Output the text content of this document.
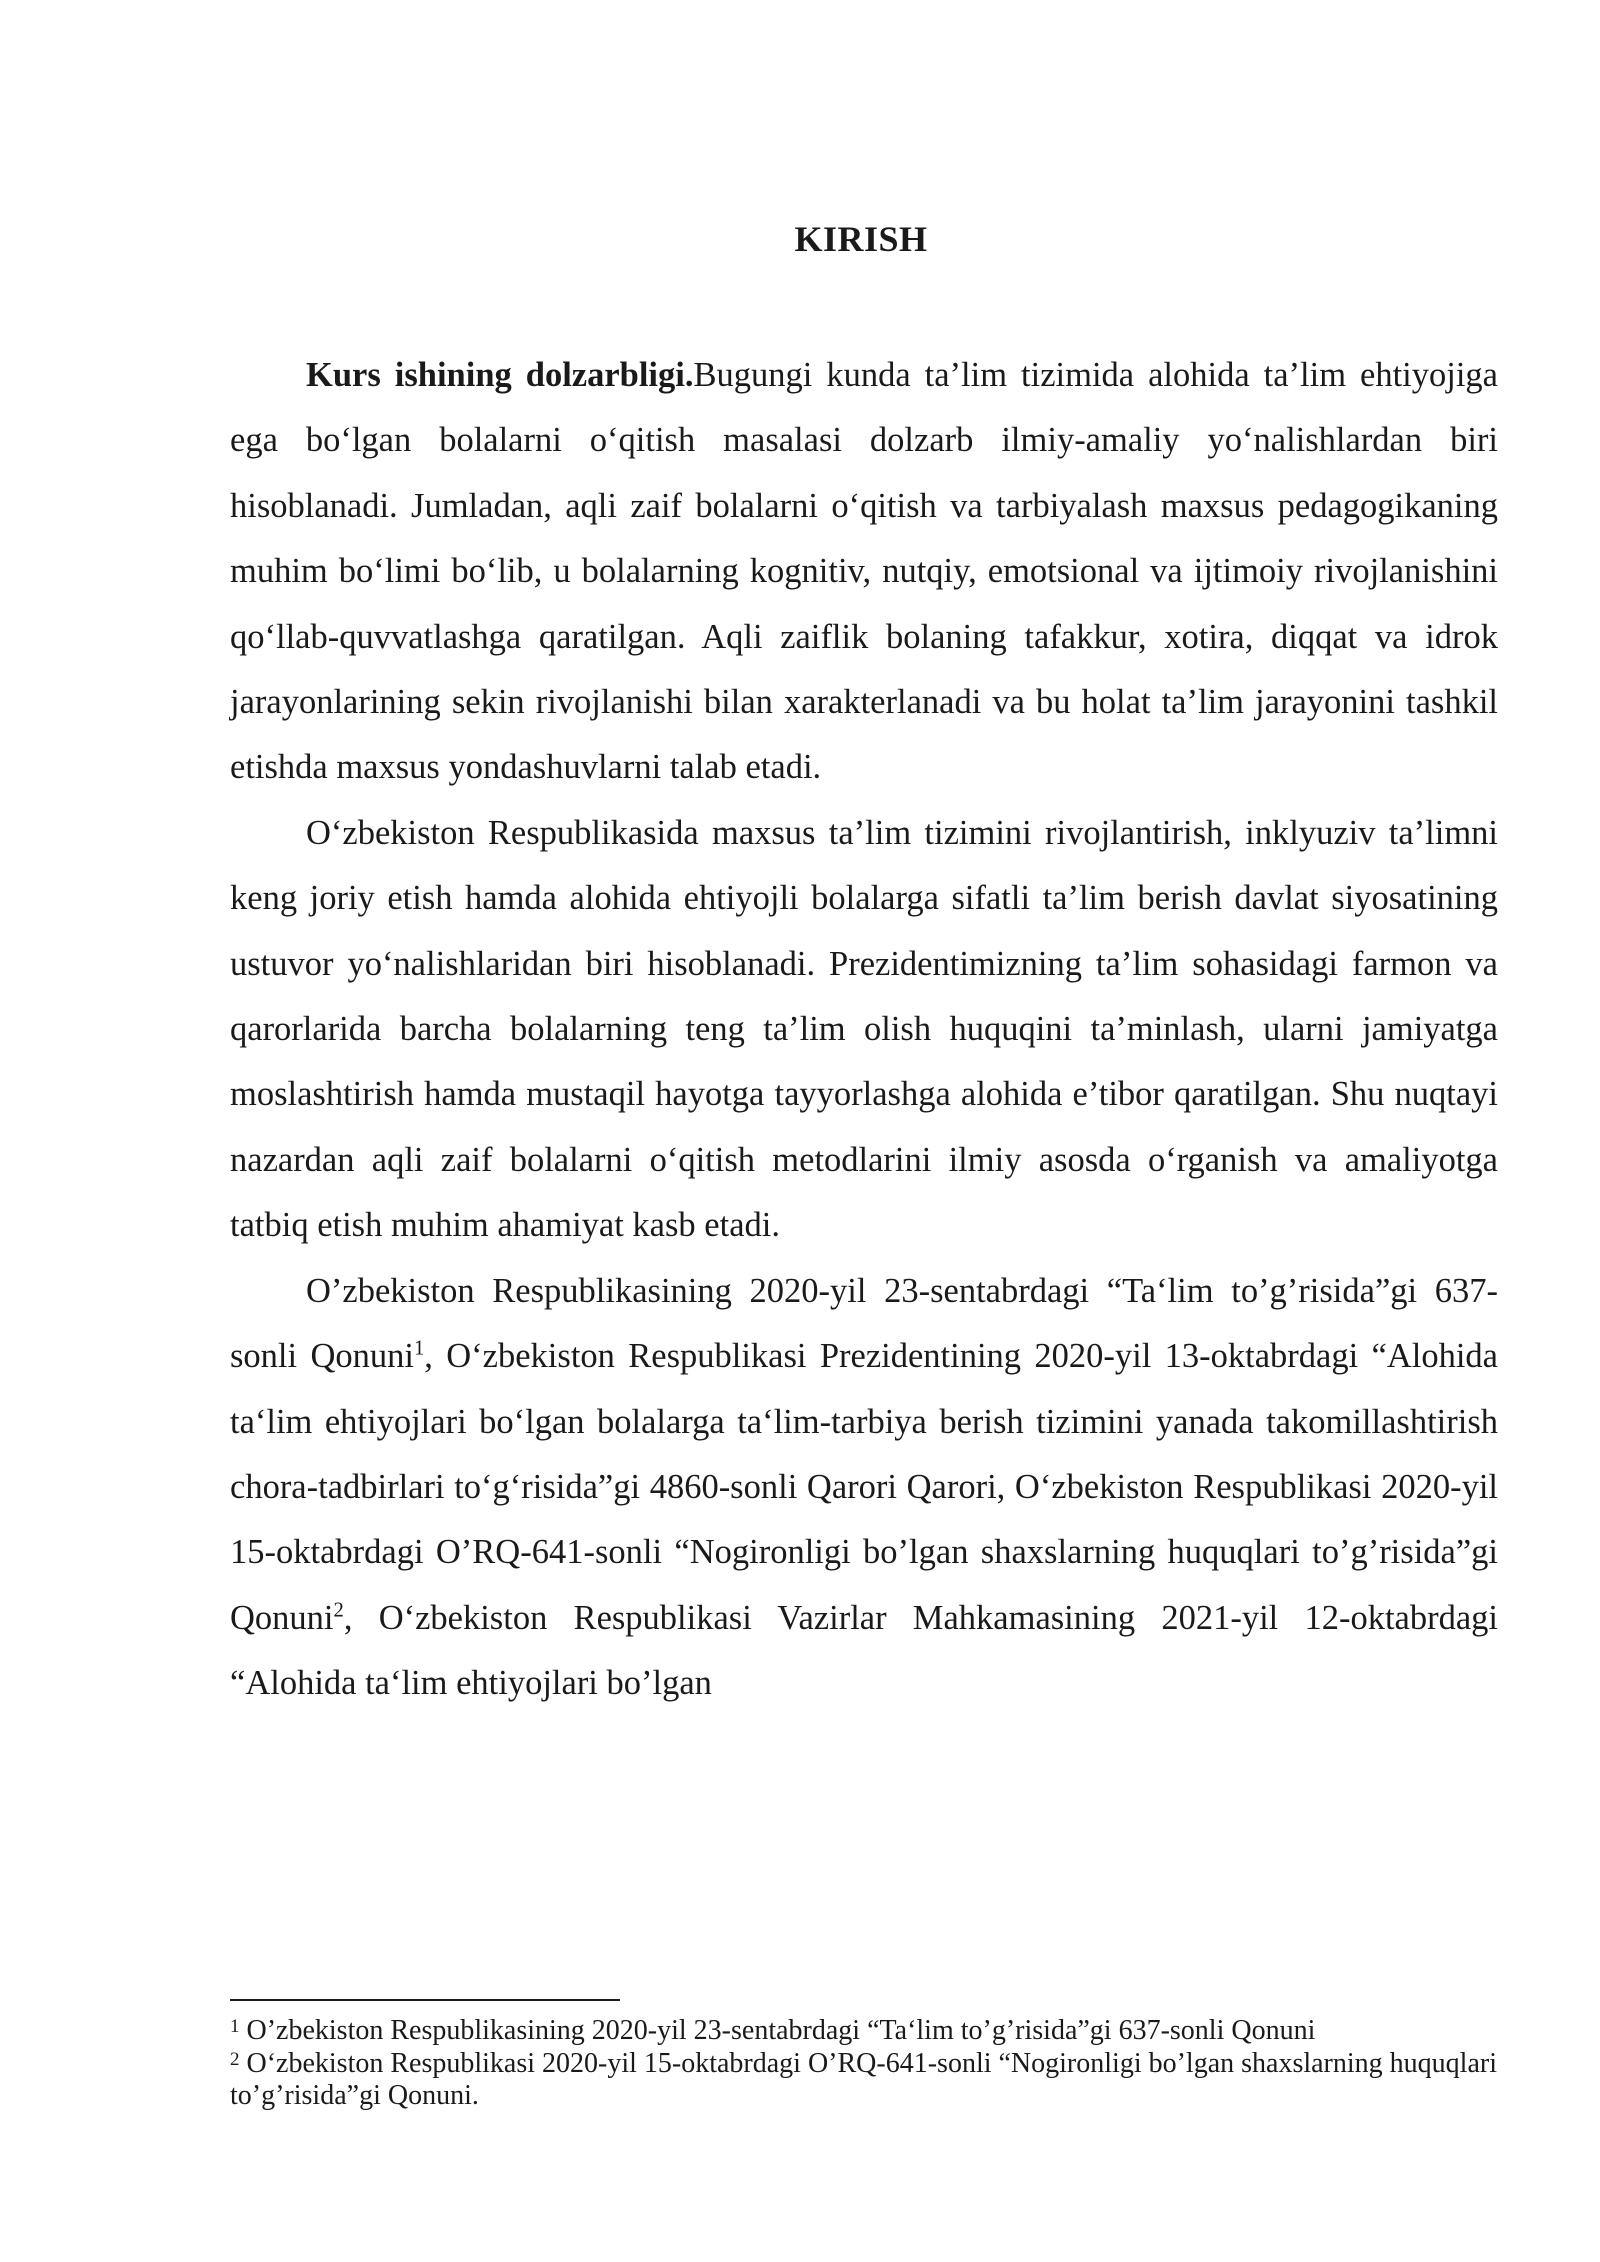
KIRISH

Kurs ishining dolzarbligi.Bugungi kunda ta’lim tizimida alohida ta’lim ehtiyojiga ega bo‘lgan bolalarni o‘qitish masalasi dolzarb ilmiy-amaliy yo‘nalishlardan biri hisoblanadi. Jumladan, aqli zaif bolalarni o‘qitish va tarbiyalash maxsus pedagogikaning muhim bo‘limi bo‘lib, u bolalarning kognitiv, nutqiy, emotsional va ijtimoiy rivojlanishini qo‘llab-quvvatlashga qaratilgan. Aqli zaiflik bolaning tafakkur, xotira, diqqat va idrok jarayonlarining sekin rivojlanishi bilan xarakterlanadi va bu holat ta’lim jarayonini tashkil etishda maxsus yondashuvlarni talab etadi.

O‘zbekiston Respublikasida maxsus ta’lim tizimini rivojlantirish, inklyuziv ta’limni keng joriy etish hamda alohida ehtiyojli bolalarga sifatli ta’lim berish davlat siyosatining ustuvor yo‘nalishlaridan biri hisoblanadi. Prezidentimizning ta’lim sohasidagi farmon va qarorlarida barcha bolalarning teng ta’lim olish huquqini ta’minlash, ularni jamiyatga moslashtirish hamda mustaqil hayotga tayyorlashga alohida e’tibor qaratilgan. Shu nuqtayi nazardan aqli zaif bolalarni o‘qitish metodlarini ilmiy asosda o‘rganish va amaliyotga tatbiq etish muhim ahamiyat kasb etadi.

O’zbekiston Respublikasining 2020-yil 23-sentabrdagi “Ta‘lim to’g’risida”gi 637-sonli Qonuni$^1$, O‘zbekiston Respublikasi Prezidentining 2020-yil 13-oktabrdagi “Alohida ta‘lim ehtiyojlari bo‘lgan bolalarga ta‘lim-tarbiya berish tizimini yanada takomillashtirish chora-tadbirlari to‘g‘risida”gi 4860-sonli Qarori Qarori, O‘zbekiston Respublikasi 2020-yil 15-oktabrdagi O’RQ-641-sonli “Nogironligi bo’lgan shaxslarning huquqlari to’g’risida”gi Qonuni$^2$, O‘zbekiston Respublikasi Vazirlar Mahkamasining 2021-yil 12-oktabrdagi “Alohida ta‘lim ehtiyojlari bo’lgan

$^1$ O’zbekiston Respublikasining 2020-yil 23-sentabrdagi “Ta‘lim to’g’risida”gi 637-sonli Qonuni

$^2$ O‘zbekiston Respublikasi 2020-yil 15-oktabrdagi O’RQ-641-sonli “Nogironligi bo’lgan shaxslarning huquqlari to’g’risida”gi Qonuni.
